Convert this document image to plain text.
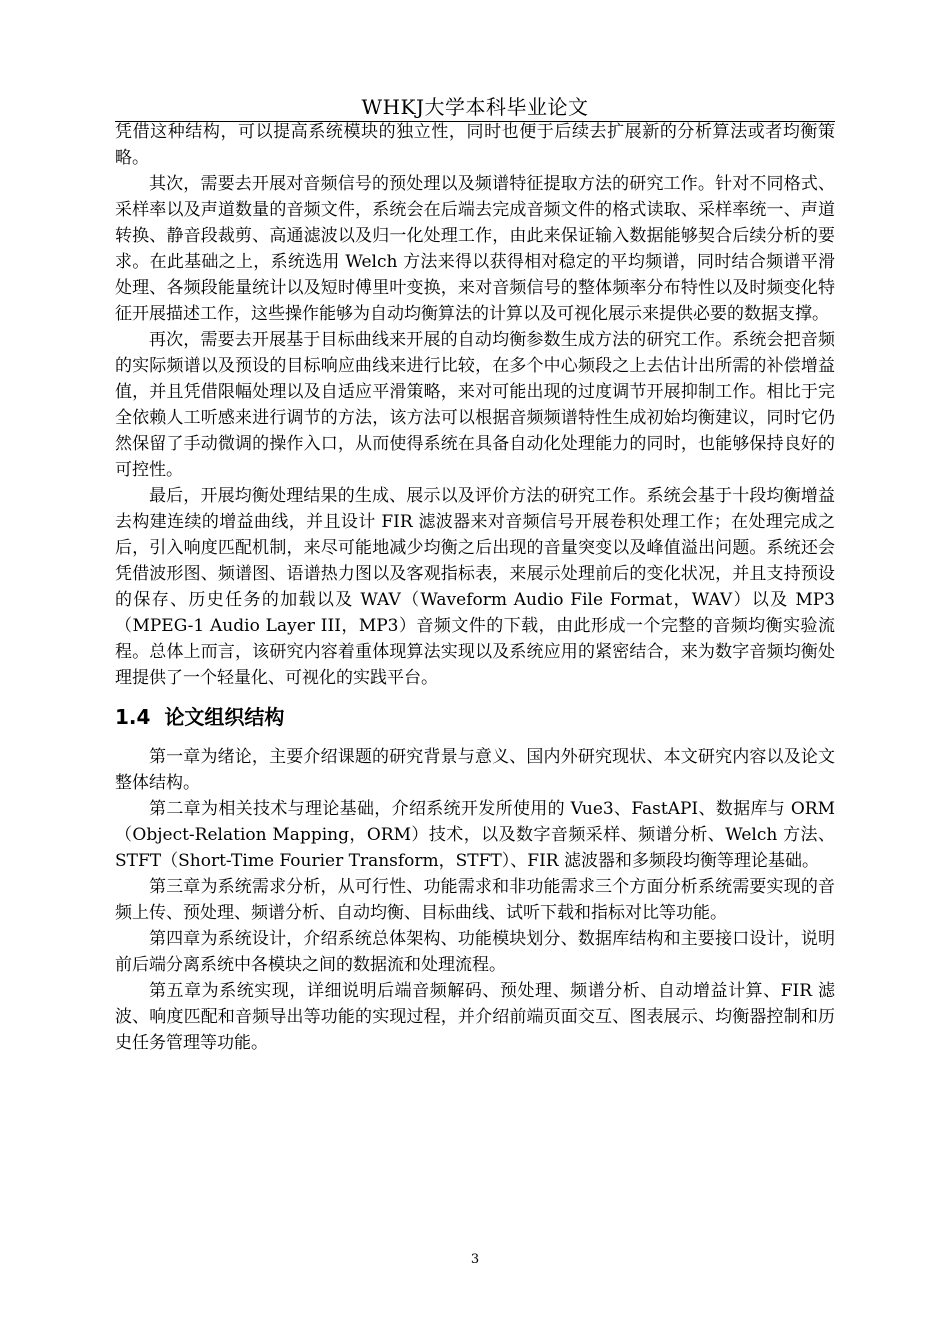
WHKJ大学本科毕业论文

凭借这种结构，可以提高系统模块的独立性，同时也便于后续去扩展新的分析算法或者均衡策略。

其次，需要去开展对音频信号的预处理以及频谱特征提取方法的研究工作。针对不同格式、采样率以及声道数量的音频文件，系统会在后端去完成音频文件的格式读取、采样率统一、声道转换、静音段裁剪、高通滤波以及归一化处理工作，由此来保证输入数据能够契合后续分析的要求。在此基础之上，系统选用 Welch 方法来得以获得相对稳定的平均频谱，同时结合频谱平滑处理、各频段能量统计以及短时傅里叶变换，来对音频信号的整体频率分布特性以及时频变化特征开展描述工作，这些操作能够为自动均衡算法的计算以及可视化展示来提供必要的数据支撑。

再次，需要去开展基于目标曲线来开展的自动均衡参数生成方法的研究工作。系统会把音频的实际频谱以及预设的目标响应曲线来进行比较，在多个中心频段之上去估计出所需的补偿增益值，并且凭借限幅处理以及自适应平滑策略，来对可能出现的过度调节开展抑制工作。相比于完全依赖人工听感来进行调节的方法，该方法可以根据音频频谱特性生成初始均衡建议，同时它仍然保留了手动微调的操作入口，从而使得系统在具备自动化处理能力的同时，也能够保持良好的可控性。

最后，开展均衡处理结果的生成、展示以及评价方法的研究工作。系统会基于十段均衡增益去构建连续的增益曲线，并且设计 FIR 滤波器来对音频信号开展卷积处理工作；在处理完成之后，引入响度匹配机制，来尽可能地减少均衡之后出现的音量突变以及峰值溢出问题。系统还会凭借波形图、频谱图、语谱热力图以及客观指标表，来展示处理前后的变化状况，并且支持预设的保存、历史任务的加载以及 WAV（Waveform Audio File Format，WAV）以及 MP3（MPEG-1 Audio Layer III，MP3）音频文件的下载，由此形成一个完整的音频均衡实验流程。总体上而言，该研究内容着重体现算法实现以及系统应用的紧密结合，来为数字音频均衡处理提供了一个轻量化、可视化的实践平台。

1.4 论文组织结构

第一章为绪论，主要介绍课题的研究背景与意义、国内外研究现状、本文研究内容以及论文整体结构。

第二章为相关技术与理论基础，介绍系统开发所使用的 Vue3、FastAPI、数据库与 ORM（Object-Relation Mapping，ORM）技术，以及数字音频采样、频谱分析、Welch 方法、STFT（Short-Time Fourier Transform，STFT）、FIR 滤波器和多频段均衡等理论基础。

第三章为系统需求分析，从可行性、功能需求和非功能需求三个方面分析系统需要实现的音频上传、预处理、频谱分析、自动均衡、目标曲线、试听下载和指标对比等功能。

第四章为系统设计，介绍系统总体架构、功能模块划分、数据库结构和主要接口设计，说明前后端分离系统中各模块之间的数据流和处理流程。

第五章为系统实现，详细说明后端音频解码、预处理、频谱分析、自动增益计算、FIR 滤波、响度匹配和音频导出等功能的实现过程，并介绍前端页面交互、图表展示、均衡器控制和历史任务管理等功能。

3
